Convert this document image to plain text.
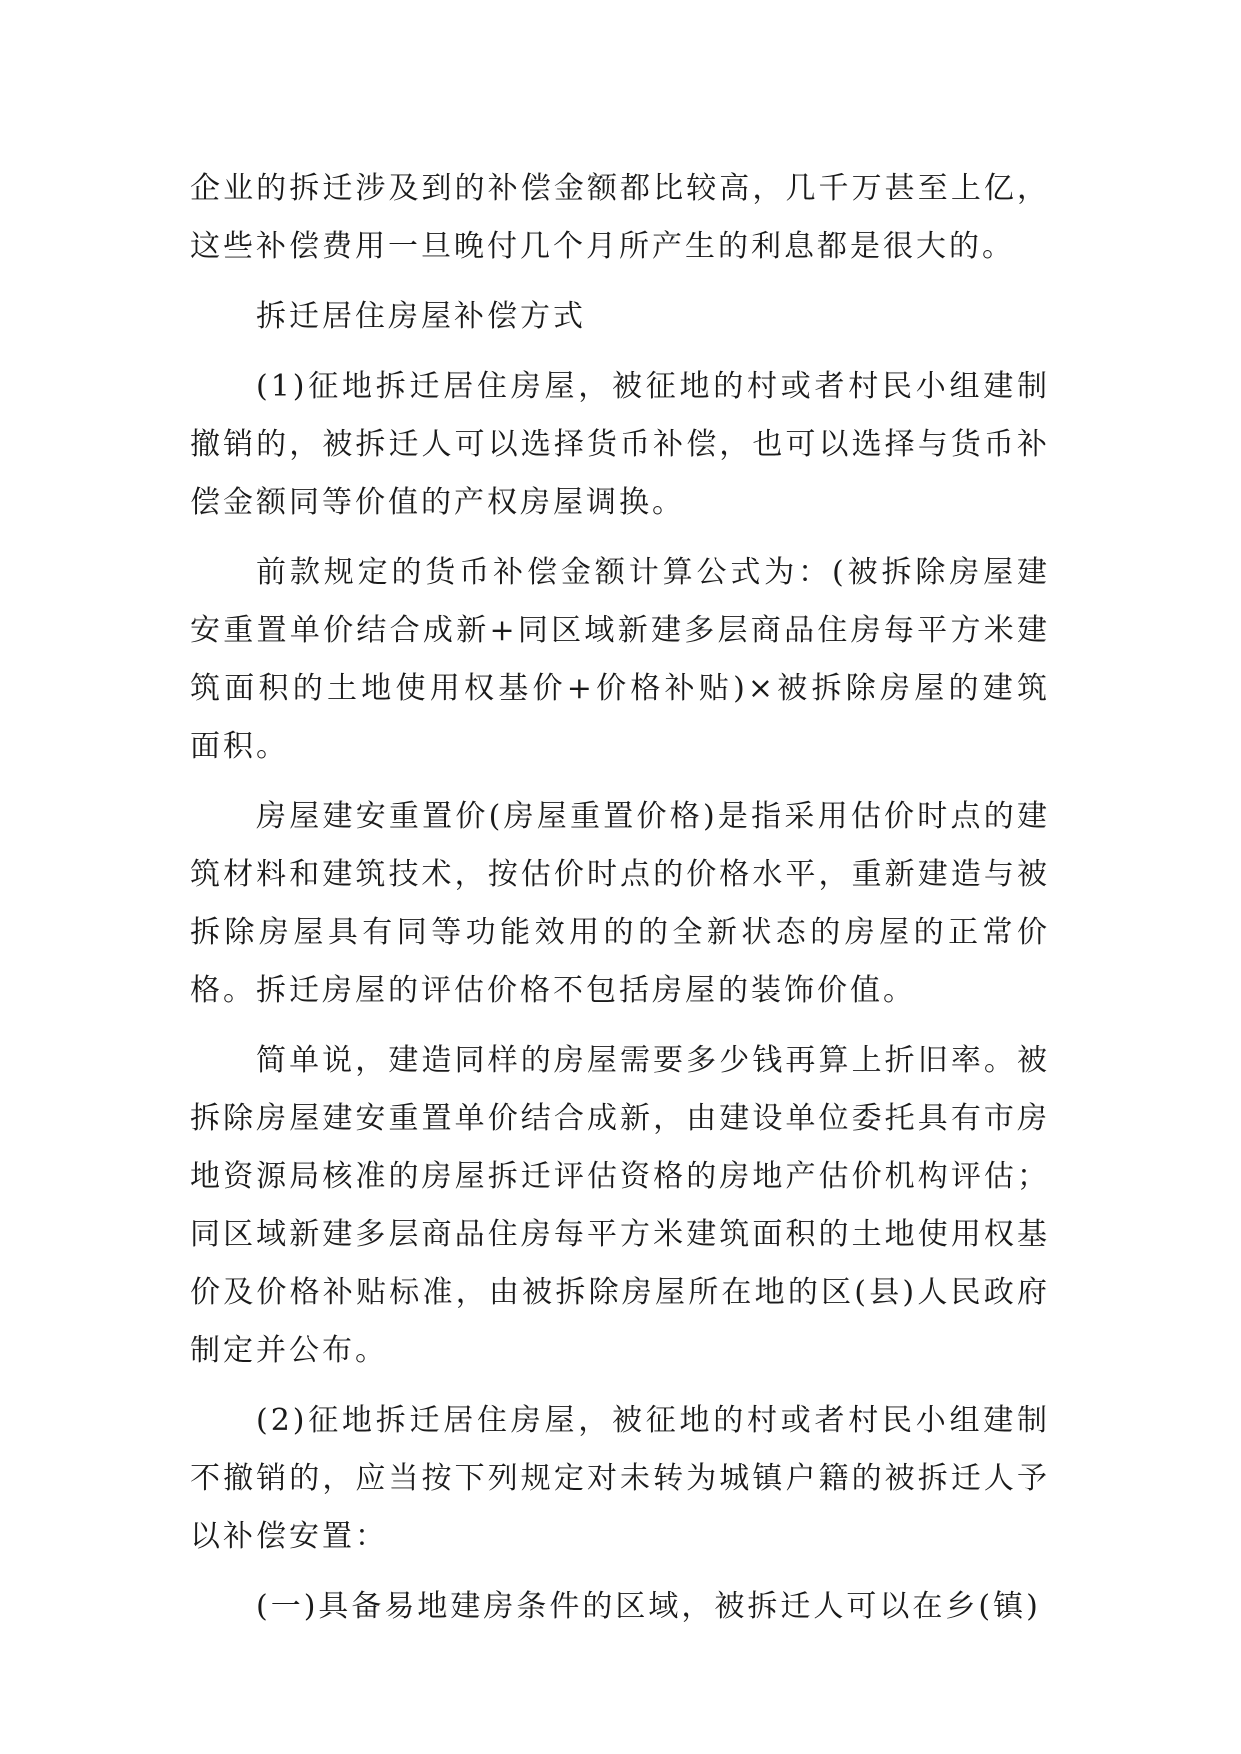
企业的拆迁涉及到的补偿金额都比较高，几千万甚至上亿，这些补偿费用一旦晚付几个月所产生的利息都是很大的。

拆迁居住房屋补偿方式

(1)征地拆迁居住房屋，被征地的村或者村民小组建制撤销的，被拆迁人可以选择货币补偿，也可以选择与货币补偿金额同等价值的产权房屋调换。

前款规定的货币补偿金额计算公式为：(被拆除房屋建安重置单价结合成新+同区域新建多层商品住房每平方米建筑面积的土地使用权基价+价格补贴)×被拆除房屋的建筑面积。

房屋建安重置价(房屋重置价格)是指采用估价时点的建筑材料和建筑技术，按估价时点的价格水平，重新建造与被拆除房屋具有同等功能效用的的全新状态的房屋的正常价格。拆迁房屋的评估价格不包括房屋的装饰价值。

简单说，建造同样的房屋需要多少钱再算上折旧率。被拆除房屋建安重置单价结合成新，由建设单位委托具有市房地资源局核准的房屋拆迁评估资格的房地产估价机构评估；同区域新建多层商品住房每平方米建筑面积的土地使用权基价及价格补贴标准，由被拆除房屋所在地的区(县)人民政府制定并公布。

(2)征地拆迁居住房屋，被征地的村或者村民小组建制不撤销的，应当按下列规定对未转为城镇户籍的被拆迁人予以补偿安置：

(一)具备易地建房条件的区域，被拆迁人可以在乡(镇)
